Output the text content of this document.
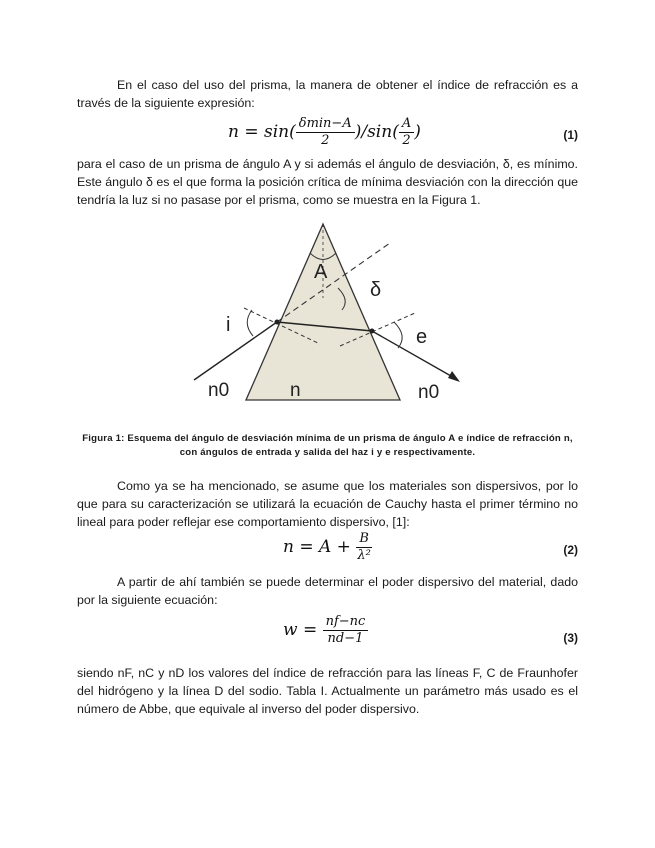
En el caso del uso del prisma, la manera de obtener el índice de refracción es a través de la siguiente expresión:

$n = \sin( \frac{\delta\min-A}{2} )/\sin( \frac{A}{2}$ )	(1)

para el caso de un prisma de ángulo A y si además el ángulo de desviación, δ, es mínimo. Este ángulo δ es el que forma la posición crítica de mínima desviación con la dirección que tendría la luz si no pasase por el prisma, como se muestra en la Figura 1.

A
δ
i
e
n0	n	n0
Figura 1: Esquema del ángulo de desviación mínima de un prisma de ángulo A e índice de refracción n,
con ángulos de entrada y salida del haz i y e respectivamente.

Como ya se ha mencionado, se asume que los materiales son dispersivos, por lo que para su caracterización se utilizará la ecuación de Cauchy hasta el primer término no lineal para poder reflejar ese comportamiento dispersivo, [1]:

$n = A + \frac{B}{\text{λ²}}$	(2)

A partir de ahí también se puede determinar el poder dispersivo del material, dado por la siguiente ecuación:

$w = \frac{nf-nc}{nd-1}$	(3)

siendo nF, nC y nD los valores del índice de refracción para las líneas F, C de Fraunhofer del hidrógeno y la línea D del sodio. Tabla I. Actualmente un parámetro más usado es el número de Abbe, que equivale al inverso del poder dispersivo.
